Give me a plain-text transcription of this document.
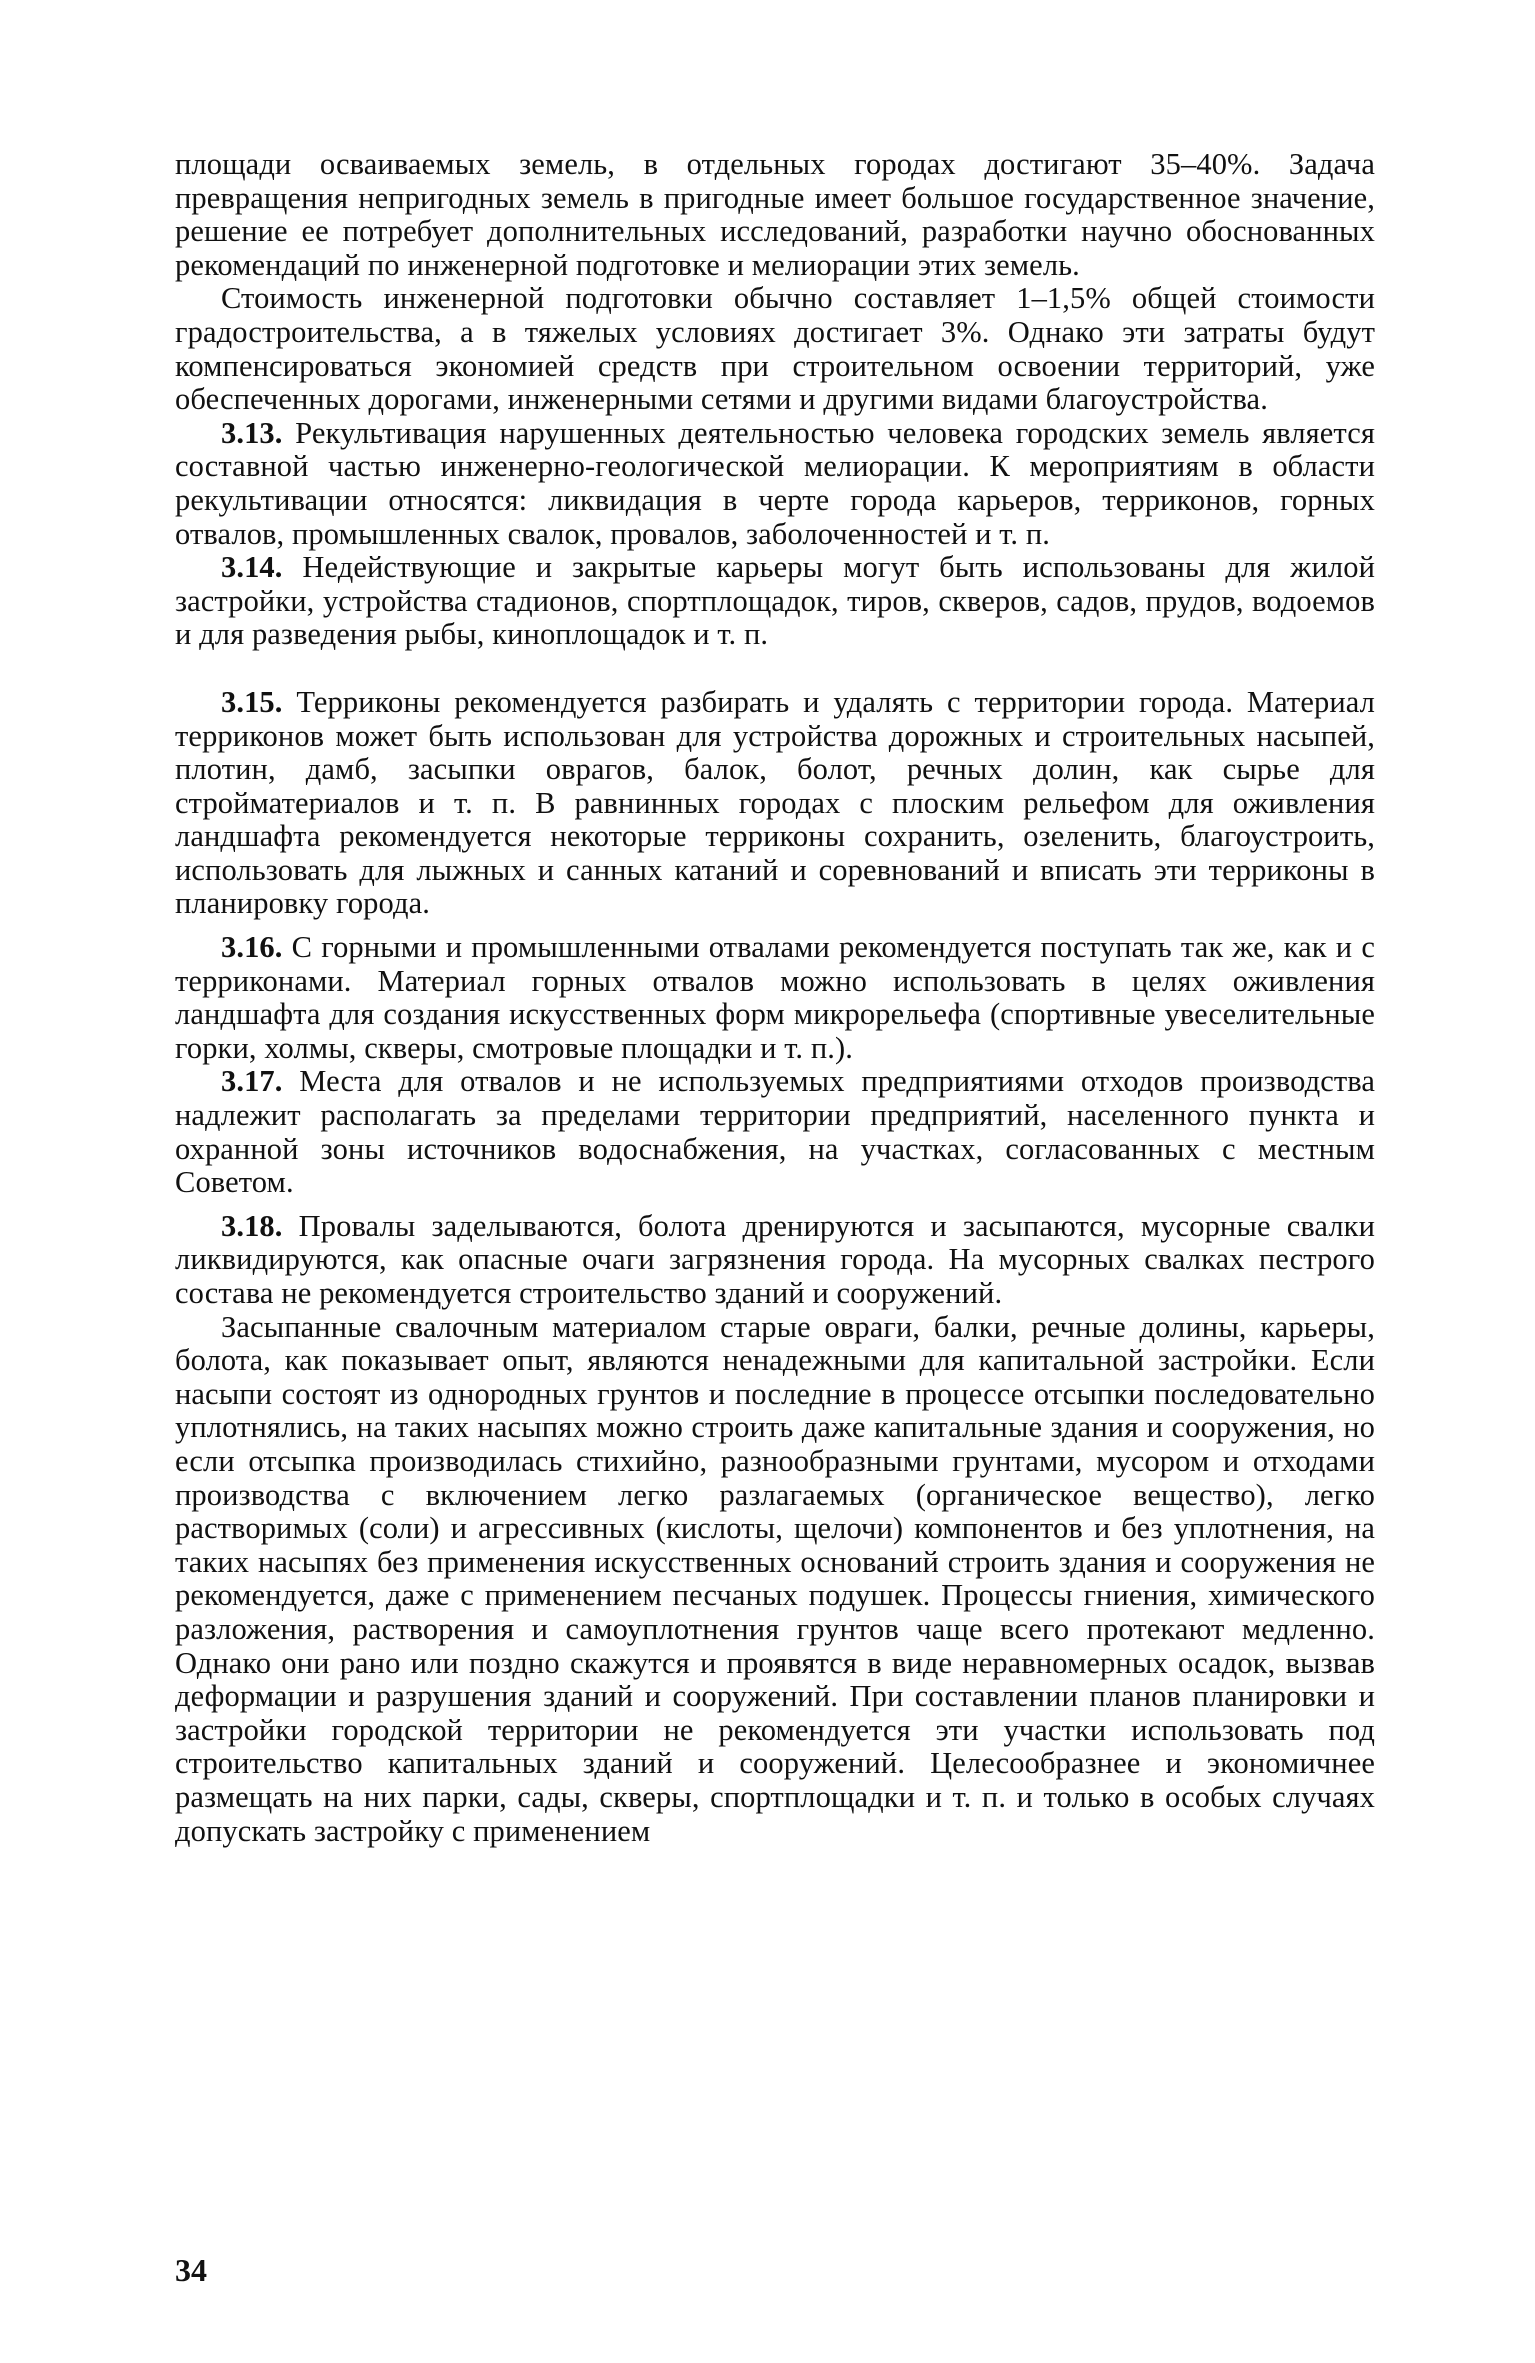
площади осваиваемых земель, в отдельных городах достигают 35–40%. Задача превращения непригодных земель в пригодные имеет большое государственное значение, решение ее потребует дополнительных исследований, разработки научно обоснованных рекомендаций по инженерной подготовке и мелиорации этих земель.

Стоимость инженерной подготовки обычно составляет 1–1,5% общей стоимости градостроительства, а в тяжелых условиях достигает 3%. Однако эти затраты будут компенсироваться экономией средств при строительном освоении территорий, уже обеспеченных дорогами, инженерными сетями и другими видами благоустройства.

3.13. Рекультивация нарушенных деятельностью человека городских земель является составной частью инженерно-геологической мелиорации. К мероприятиям в области рекультивации относятся: ликвидация в черте города карьеров, терриконов, горных отвалов, промышленных свалок, провалов, заболоченностей и т. п.

3.14. Недействующие и закрытые карьеры могут быть использованы для жилой застройки, устройства стадионов, спортплощадок, тиров, скверов, садов, прудов, водоемов и для разведения рыбы, киноплощадок и т. п.

3.15. Терриконы рекомендуется разбирать и удалять с территории города. Материал терриконов может быть использован для устройства дорожных и строительных насыпей, плотин, дамб, засыпки оврагов, балок, болот, речных долин, как сырье для стройматериалов и т. п. В равнинных городах с плоским рельефом для оживления ландшафта рекомендуется некоторые терриконы сохранить, озеленить, благоустроить, использовать для лыжных и санных катаний и соревнований и вписать эти терриконы в планировку города.

3.16. С горными и промышленными отвалами рекомендуется поступать так же, как и с терриконами. Материал горных отвалов можно использовать в целях оживления ландшафта для создания искусственных форм микрорельефа (спортивные увеселительные горки, холмы, скверы, смотровые площадки и т. п.).

3.17. Места для отвалов и не используемых предприятиями отходов производства надлежит располагать за пределами территории предприятий, населенного пункта и охранной зоны источников водоснабжения, на участках, согласованных с местным Советом.

3.18. Провалы заделываются, болота дренируются и засыпаются, мусорные свалки ликвидируются, как опасные очаги загрязнения города. На мусорных свалках пестрого состава не рекомендуется строительство зданий и сооружений.

Засыпанные свалочным материалом старые овраги, балки, речные долины, карьеры, болота, как показывает опыт, являются ненадежными для капитальной застройки. Если насыпи состоят из однородных грунтов и последние в процессе отсыпки последовательно уплотнялись, на таких насыпях можно строить даже капитальные здания и сооружения, но если отсыпка производилась стихийно, разнообразными грунтами, мусором и отходами производства с включением легко разлагаемых (органическое вещество), легко растворимых (соли) и агрессивных (кислоты, щелочи) компонентов и без уплотнения, на таких насыпях без применения искусственных оснований строить здания и сооружения не рекомендуется, даже с применением песчаных подушек. Процессы гниения, химического разложения, растворения и самоуплотнения грунтов чаще всего протекают медленно. Однако они рано или поздно скажутся и проявятся в виде неравномерных осадок, вызвав деформации и разрушения зданий и сооружений. При составлении планов планировки и застройки городской территории не рекомендуется эти участки использовать под строительство капитальных зданий и сооружений. Целесообразнее и экономичнее размещать на них парки, сады, скверы, спортплощадки и т. п. и только в особых случаях допускать застройку с применением

34
